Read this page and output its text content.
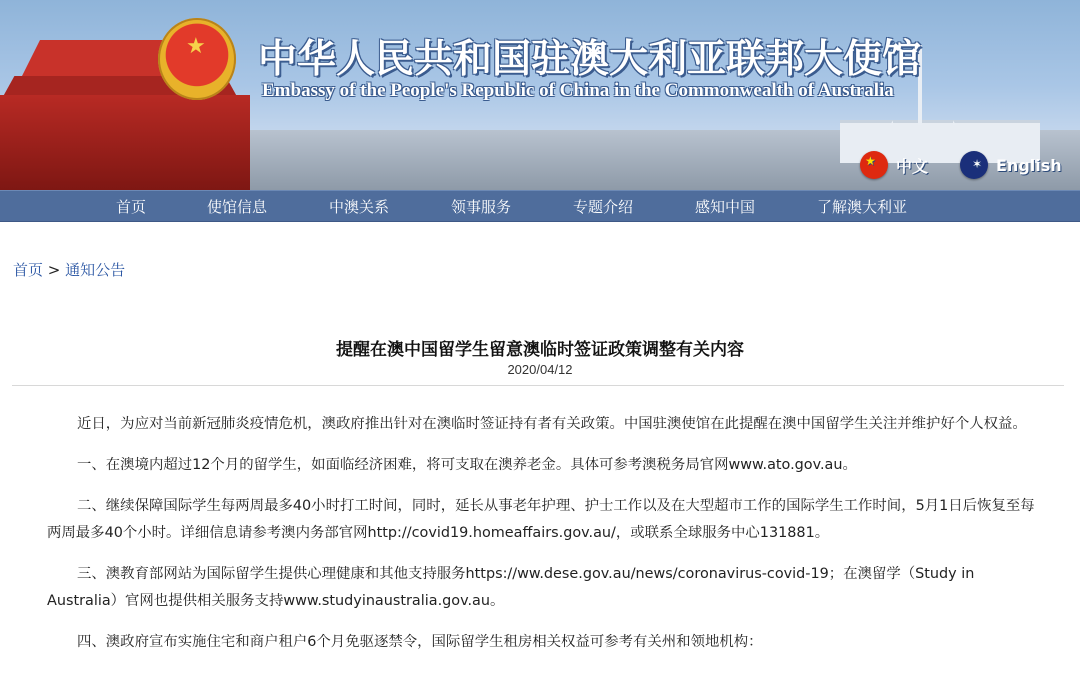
★ 中华人民共和国驻澳大利亚联邦大使馆
Embassy of the People's Republic of China in the Commonwealth of Australia
★
中文
✶	English
首页	使馆信息	中澳关系	领事服务	专题介绍	感知中国	了解澳大利亚
首页 > 通知公告
提醒在澳中国留学生留意澳临时签证政策调整有关内容
2020/04/12

近日，为应对当前新冠肺炎疫情危机，澳政府推出针对在澳临时签证持有者有关政策。中国驻澳使馆在此提醒在澳中国留学生关注并维护好个人权益。

一、在澳境内超过12个月的留学生，如面临经济困难，将可支取在澳养老金。具体可参考澳税务局官网www.ato.gov.au。

二、继续保障国际学生每两周最多40小时打工时间，同时，延长从事老年护理、护士工作以及在大型超市工作的国际学生工作时间，5月1日后恢复至每两周最多40个小时。详细信息请参考澳内务部官网http://covid19.homeaffairs.gov.au/，或联系全球服务中心131881。

三、澳教育部网站为国际留学生提供心理健康和其他支持服务https://ww.dese.gov.au/news/coronavirus-covid-19；在澳留学（Study in Australia）官网也提供相关服务支持www.studyinaustralia.gov.au。

四、澳政府宣布实施住宅和商户租户6个月免驱逐禁令，国际留学生租房相关权益可参考有关州和领地机构：
